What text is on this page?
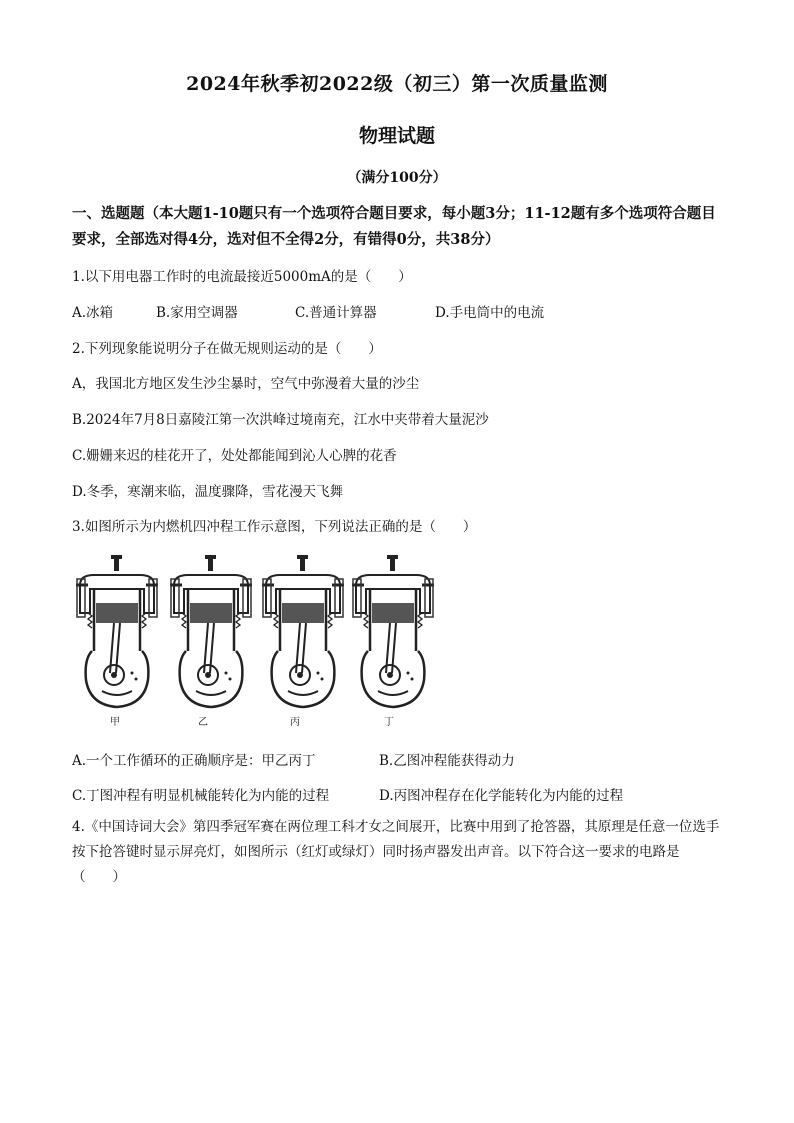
2024年秋季初2022级（初三）第一次质量监测
物理试题
（满分100分）
一、选题题（本大题1-10题只有一个选项符合题目要求，每小题3分；11-12题有多个选项符合题目要求，全部选对得4分，选对但不全得2分，有错得0分，共38分）
1.以下用电器工作时的电流最接近5000mA的是（　　）
A.冰箱	B.家用空调器	C.普通计算器	D.手电筒中的电流
2.下列现象能说明分子在做无规则运动的是（　　）
A，我国北方地区发生沙尘暴时，空气中弥漫着大量的沙尘
B.2024年7月8日嘉陵江第一次洪峰过境南充，江水中夹带着大量泥沙
C.姗姗来迟的桂花开了，处处都能闻到沁人心脾的花香
D.冬季，寒潮来临，温度骤降，雪花漫天飞舞
3.如图所示为内燃机四冲程工作示意图，下列说法正确的是（　　）
甲	乙	丙	丁
A.一个工作循环的正确顺序是：甲乙丙丁	B.乙图冲程能获得动力
C.丁图冲程有明显机械能转化为内能的过程	D.丙图冲程存在化学能转化为内能的过程
4.《中国诗词大会》第四季冠军赛在两位理工科才女之间展开，比赛中用到了抢答器，其原理是任意一位选手按下抢答键时显示屏亮灯，如图所示（红灯或绿灯）同时扬声器发出声音。以下符合这一要求的电路是（　　）
